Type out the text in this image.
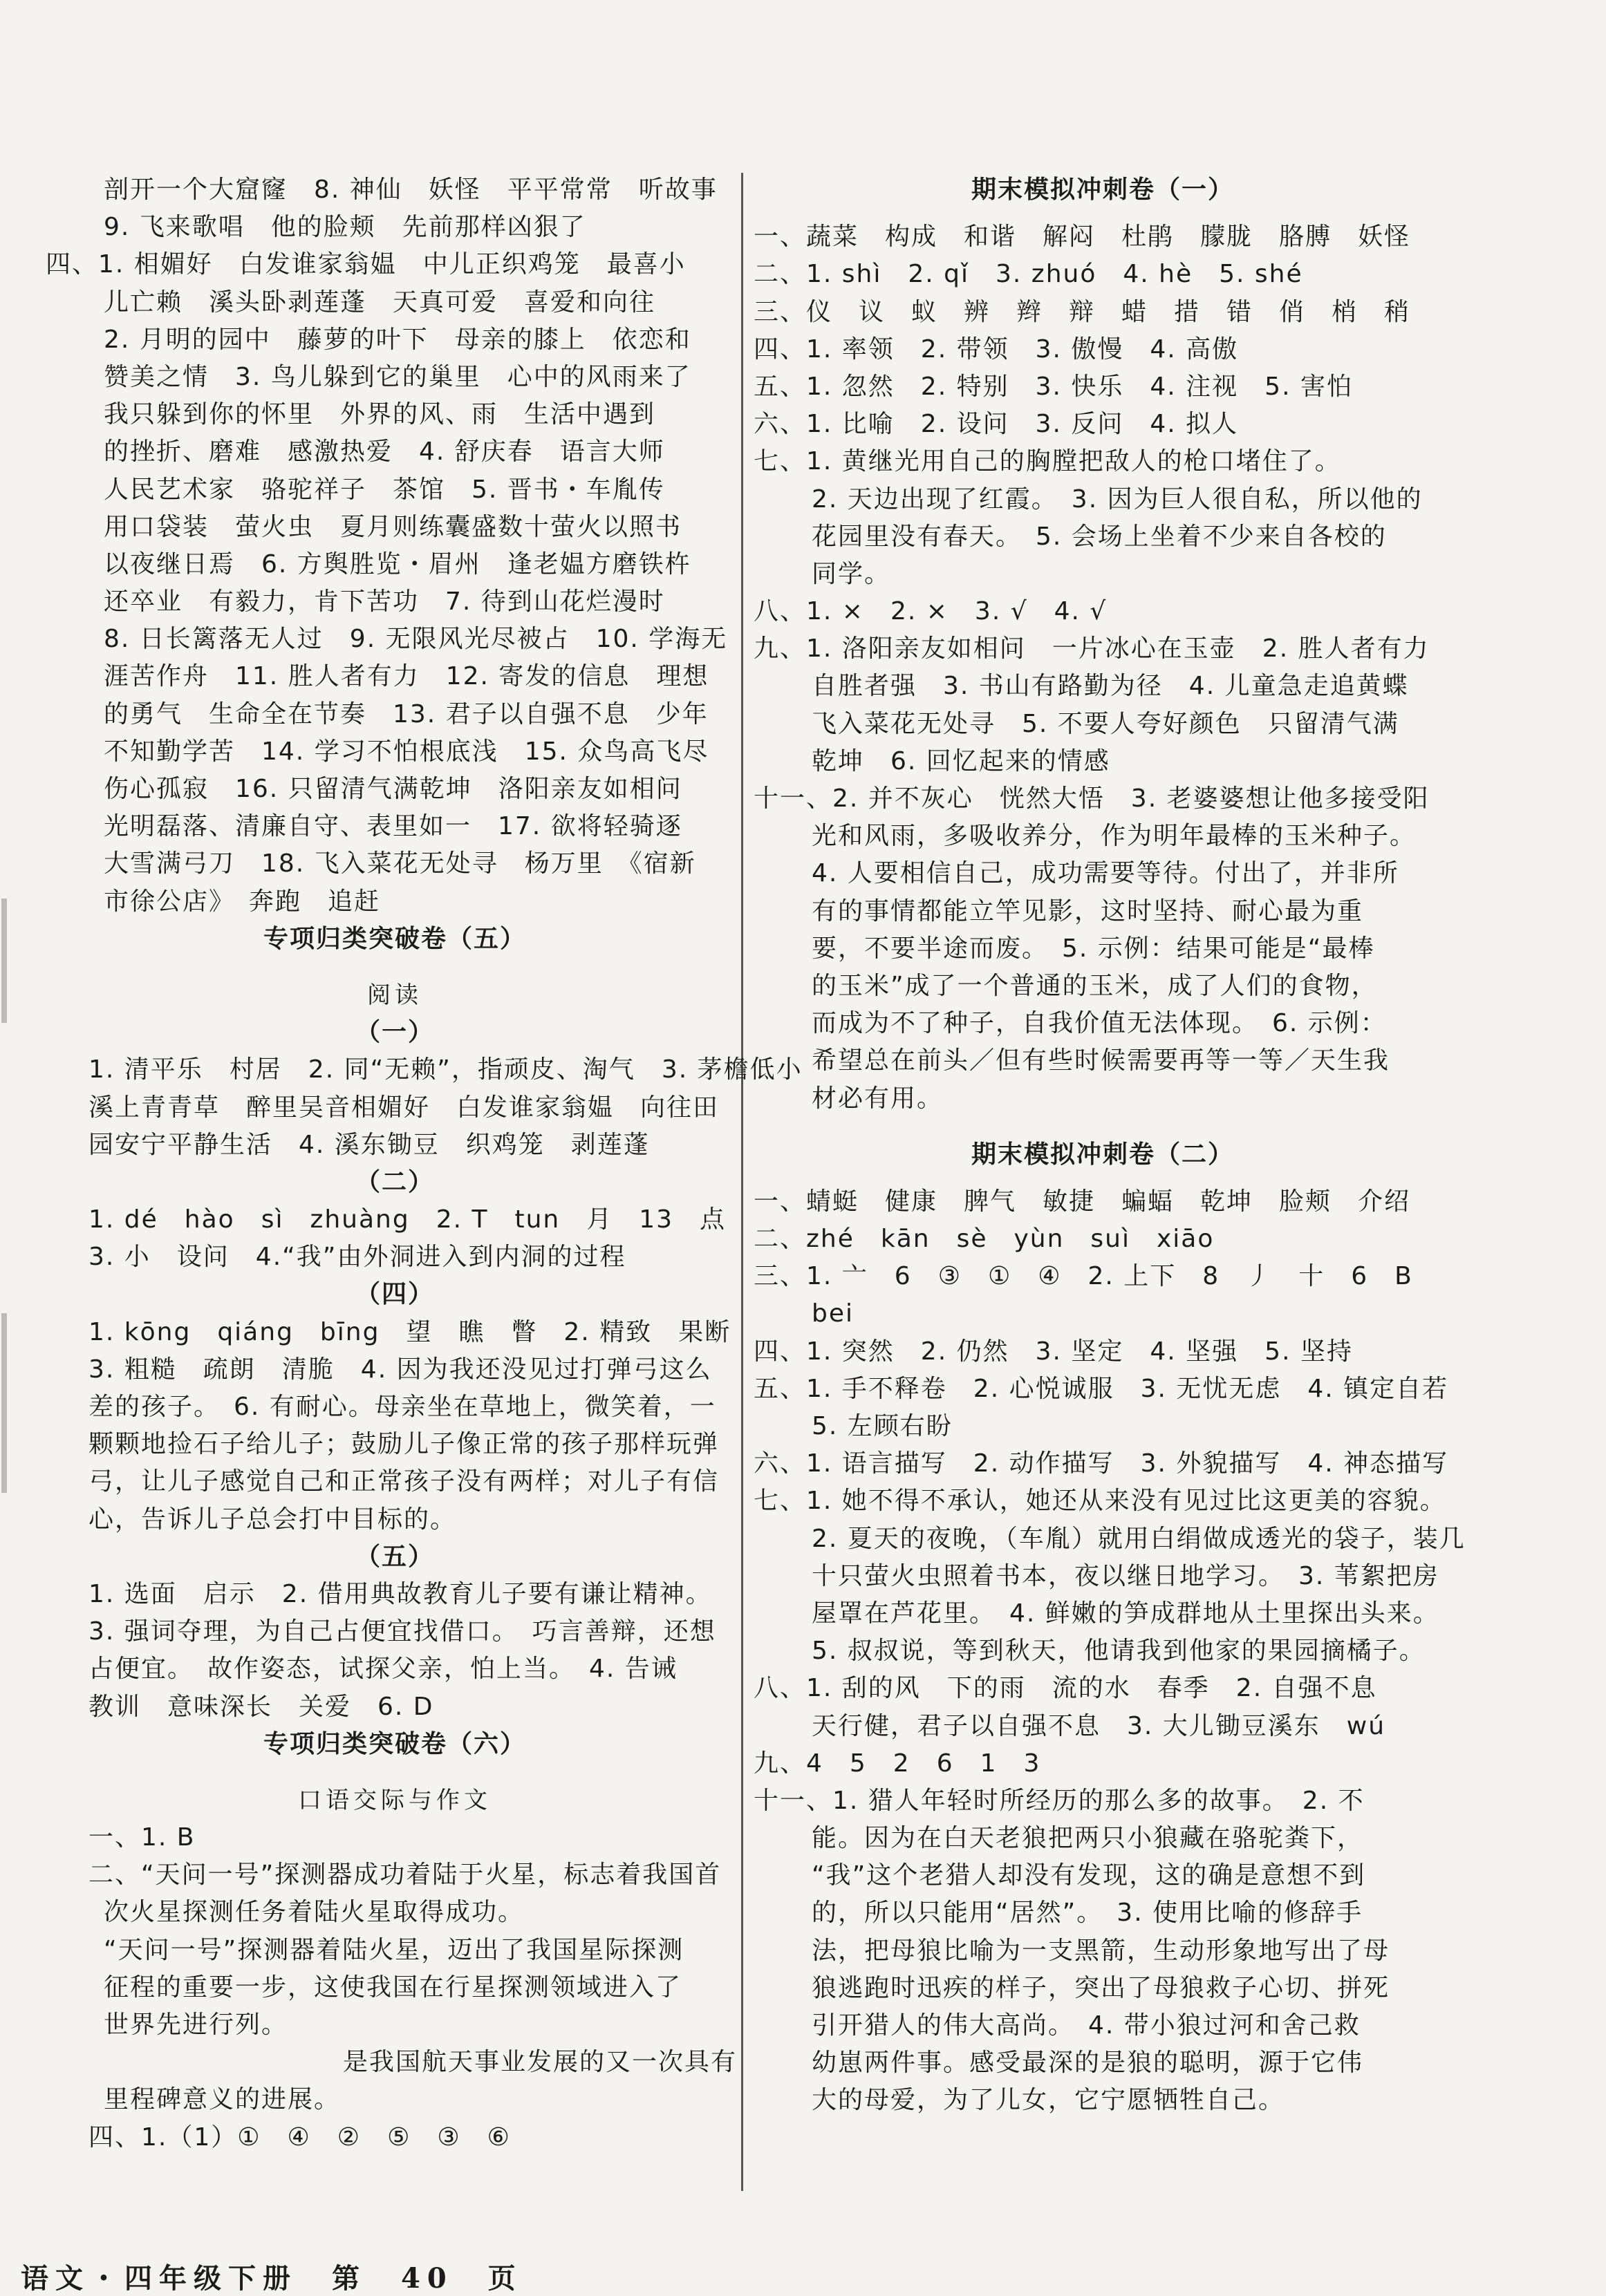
剖开一个大窟窿　8. 神仙　妖怪　平平常常　听故事
9. 飞来歌唱　他的脸颊　先前那样凶狠了
四、1. 相媚好　白发谁家翁媪　中儿正织鸡笼　最喜小
儿亡赖　溪头卧剥莲蓬　天真可爱　喜爱和向往
2. 月明的园中　藤萝的叶下　母亲的膝上　依恋和
赞美之情　3. 鸟儿躲到它的巢里　心中的风雨来了
我只躲到你的怀里　外界的风、雨　生活中遇到
的挫折、磨难　感激热爱　4. 舒庆春　语言大师
人民艺术家　骆驼祥子　茶馆　5. 晋书・车胤传
用口袋装　萤火虫　夏月则练囊盛数十萤火以照书
以夜继日焉　6. 方舆胜览・眉州　逢老媪方磨铁杵
还卒业　有毅力，肯下苦功　7. 待到山花烂漫时
8. 日长篱落无人过　9. 无限风光尽被占　10. 学海无
涯苦作舟　11. 胜人者有力　12. 寄发的信息　理想
的勇气　生命全在节奏　13. 君子以自强不息　少年
不知勤学苦　14. 学习不怕根底浅　15. 众鸟高飞尽
伤心孤寂　16. 只留清气满乾坤　洛阳亲友如相问
光明磊落、清廉自守、表里如一　17. 欲将轻骑逐
大雪满弓刀　18. 飞入菜花无处寻　杨万里　《宿新
市徐公店》　奔跑　追赶
专项归类突破卷（五）
阅读
（一）
1. 清平乐　村居　2. 同“无赖”，指顽皮、淘气　3. 茅檐低小
溪上青青草　醉里吴音相媚好　白发谁家翁媪　向往田
园安宁平静生活　4. 溪东锄豆　织鸡笼　剥莲蓬
（二）
1. dé　hào　sì　zhuàng　2. T　tun　月　13　点
3. 小　设问　4.“我”由外洞进入到内洞的过程
（四）
1. kōng　qiáng　bīng　望　瞧　瞥　2. 精致　果断
3. 粗糙　疏朗　清脆　4. 因为我还没见过打弹弓这么
差的孩子。　6. 有耐心。母亲坐在草地上，微笑着，一
颗颗地捡石子给儿子；鼓励儿子像正常的孩子那样玩弹
弓，让儿子感觉自己和正常孩子没有两样；对儿子有信
心，告诉儿子总会打中目标的。
（五）
1. 选面　启示　2. 借用典故教育儿子要有谦让精神。
3. 强词夺理，为自己占便宜找借口。　巧言善辩，还想
占便宜。　故作姿态，试探父亲，怕上当。　4. 告诫
教训　意味深长　关爱　6. D
专项归类突破卷（六）
口语交际与作文
一、1. B
二、“天问一号”探测器成功着陆于火星，标志着我国首
次火星探测任务着陆火星取得成功。
“天问一号”探测器着陆火星，迈出了我国星际探测
征程的重要一步，这使我国在行星探测领域进入了
世界先进行列。
是我国航天事业发展的又一次具有
里程碑意义的进展。
四、1.（1）①　④　②　⑤　③　⑥
期末模拟冲刺卷（一）
一、蔬菜　构成　和谐　解闷　杜鹃　朦胧　胳膊　妖怪
二、1. shì　2. qǐ　3. zhuó　4. hè　5. shé
三、仪　议　蚁　辨　辫　辩　蜡　措　错　俏　梢　稍
四、1. 率领　2. 带领　3. 傲慢　4. 高傲
五、1. 忽然　2. 特别　3. 快乐　4. 注视　5. 害怕
六、1. 比喻　2. 设问　3. 反问　4. 拟人
七、1. 黄继光用自己的胸膛把敌人的枪口堵住了。
2. 天边出现了红霞。　3. 因为巨人很自私，所以他的
花园里没有春天。　5. 会场上坐着不少来自各校的
同学。
八、1. ×　2. ×　3. √　4. √
九、1. 洛阳亲友如相问　一片冰心在玉壶　2. 胜人者有力
自胜者强　3. 书山有路勤为径　4. 儿童急走追黄蝶
飞入菜花无处寻　5. 不要人夸好颜色　只留清气满
乾坤　6. 回忆起来的情感
十一、2. 并不灰心　恍然大悟　3. 老婆婆想让他多接受阳
光和风雨，多吸收养分，作为明年最棒的玉米种子。
4. 人要相信自己，成功需要等待。付出了，并非所
有的事情都能立竿见影，这时坚持、耐心最为重
要，不要半途而废。　5. 示例：结果可能是“最棒
的玉米”成了一个普通的玉米，成了人们的食物，
而成为不了种子，自我价值无法体现。　6. 示例：
希望总在前头／但有些时候需要再等一等／天生我
材必有用。
期末模拟冲刺卷（二）
一、蜻蜓　健康　脾气　敏捷　蝙蝠　乾坤　脸颊　介绍
二、zhé　kān　sè　yùn　suì　xiāo
三、1. 亠　6　③　①　④　2. 上下　8　丿　十　6　B
bei
四、1. 突然　2. 仍然　3. 坚定　4. 坚强　5. 坚持
五、1. 手不释卷　2. 心悦诚服　3. 无忧无虑　4. 镇定自若
5. 左顾右盼
六、1. 语言描写　2. 动作描写　3. 外貌描写　4. 神态描写
七、1. 她不得不承认，她还从来没有见过比这更美的容貌。
2. 夏天的夜晚，（车胤）就用白绢做成透光的袋子，装几
十只萤火虫照着书本，夜以继日地学习。　3. 苇絮把房
屋罩在芦花里。　4. 鲜嫩的笋成群地从土里探出头来。
5. 叔叔说，等到秋天，他请我到他家的果园摘橘子。
八、1. 刮的风　下的雨　流的水　春季　2. 自强不息
天行健，君子以自强不息　3. 大儿锄豆溪东　wú
九、4　5　2　6　1　3
十一、1. 猎人年轻时所经历的那么多的故事。　2. 不
能。因为在白天老狼把两只小狼藏在骆驼粪下，
“我”这个老猎人却没有发现，这的确是意想不到
的，所以只能用“居然”。　3. 使用比喻的修辞手
法，把母狼比喻为一支黑箭，生动形象地写出了母
狼逃跑时迅疾的样子，突出了母狼救子心切、拼死
引开猎人的伟大高尚。　4. 带小狼过河和舍己救
幼崽两件事。感受最深的是狼的聪明，源于它伟
大的母爱，为了儿女，它宁愿牺牲自己。
语文・四年级下册　第　40　页
